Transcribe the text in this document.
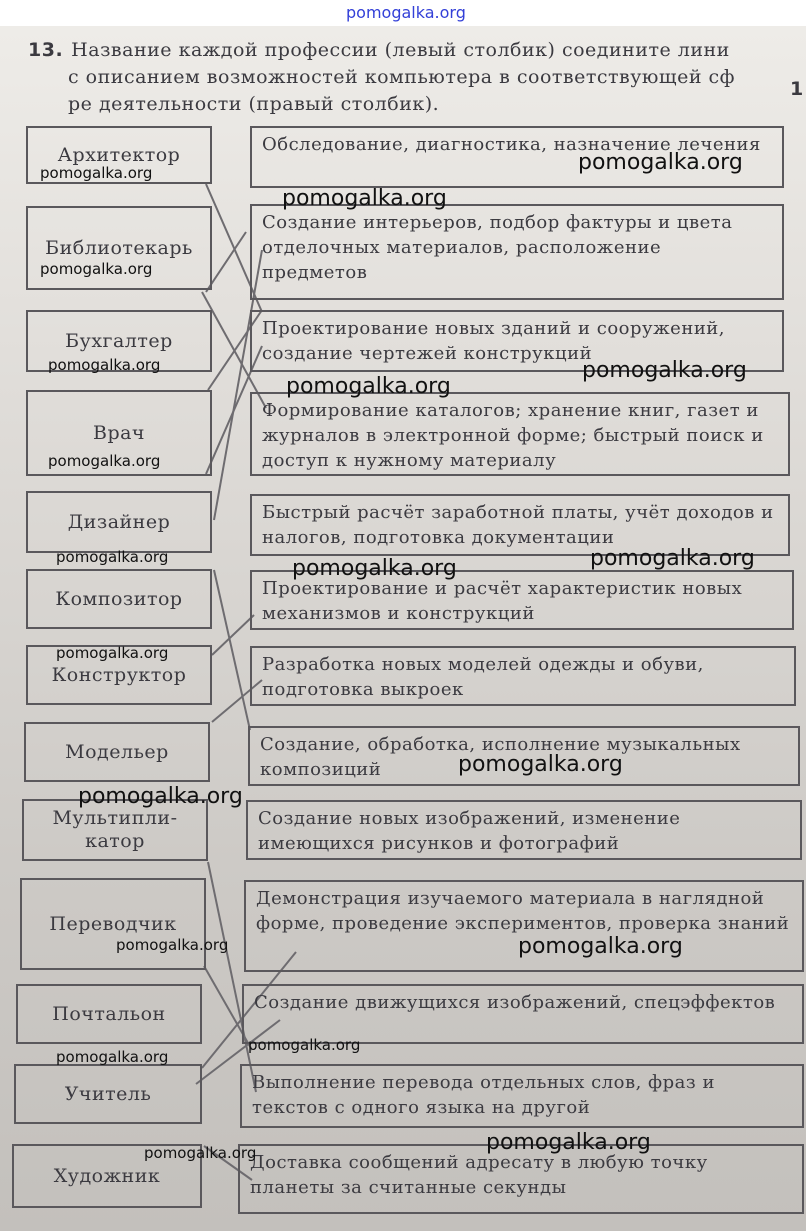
pomogalka.org
13. Название каждой профессии (левый столбик) соедините лини
с описанием возможностей компьютера в соответствующей сф
ре деятельности (правый столбик).
1
Архитектор
Библиотекарь
Бухгалтер
Врач
Дизайнер
Композитор
Конструктор
Модельер
Мультипли-катор
Переводчик
Почтальон
Учитель
Художник
Обследование, диагностика, назначение лечения
Создание интерьеров, подбор фактуры и цвета отделочных материалов, расположение предметов
Проектирование новых зданий и сооружений, создание чертежей конструкций
Формирование каталогов; хранение книг, газет и журналов в электронной форме; быстрый поиск и доступ к нужному материалу
Быстрый расчёт заработной платы, учёт доходов и налогов, подготовка документации
Проектирование и расчёт характеристик новых механизмов и конструкций
Разработка новых моделей одежды и обуви, подготовка выкроек
Создание, обработка, исполнение музыкальных композиций
Создание новых изображений, изменение имеющихся рисунков и фотографий
Демонстрация изучаемого материала в наглядной форме, проведение экспериментов, проверка знаний
Создание движущихся изображений, спецэффектов
Выполнение перевода отдельных слов, фраз и текстов с одного языка на другой
Доставка сообщений адресату в любую точку планеты за считанные секунды
pomogalka.org
pomogalka.org
pomogalka.org
pomogalka.org
pomogalka.org
pomogalka.org
pomogalka.org
pomogalka.org
pomogalka.org
pomogalka.org
pomogalka.org
pomogalka.org
pomogalka.org
pomogalka.org
pomogalka.org
pomogalka.org
pomogalka.org
pomogalka.org
pomogalka.org
pomogalka.org
